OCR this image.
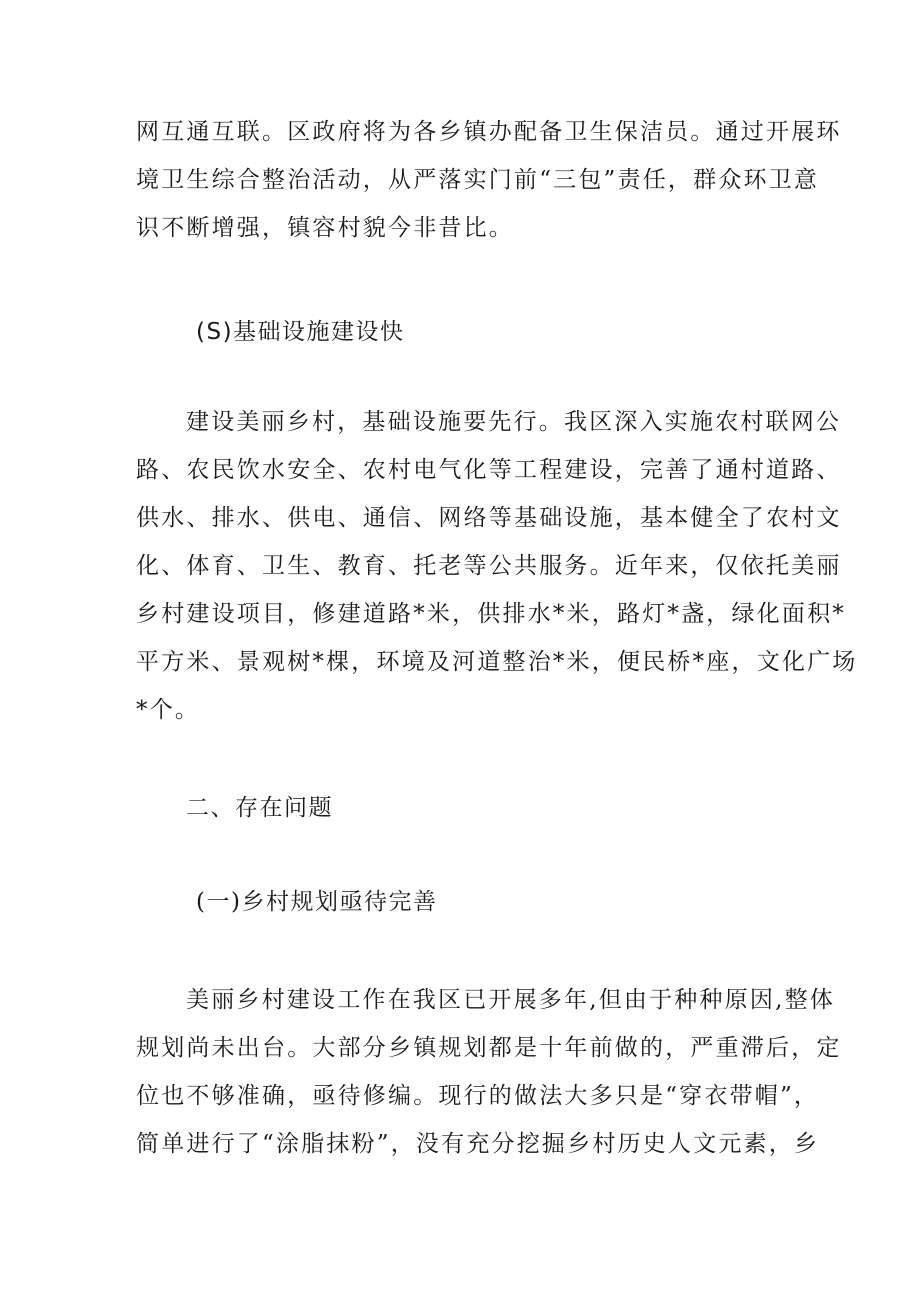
网互通互联。区政府将为各乡镇办配备卫生保洁员。通过开展环
境卫生综合整治活动，从严落实门前“三包”责任，群众环卫意
识不断增强，镇容村貌今非昔比。
(S)基础设施建设快
建设美丽乡村，基础设施要先行。我区深入实施农村联网公
路、农民饮水安全、农村电气化等工程建设，完善了通村道路、
供水、排水、供电、通信、网络等基础设施，基本健全了农村文
化、体育、卫生、教育、托老等公共服务。近年来，仅依托美丽
乡村建设项目，修建道路*米，供排水*米，路灯*盏，绿化面积*
平方米、景观树*棵，环境及河道整治*米，便民桥*座，文化广场
*个。
二、存在问题
(一)乡村规划亟待完善
美丽乡村建设工作在我区已开展多年,但由于种种原因,整体
规划尚未出台。大部分乡镇规划都是十年前做的，严重滞后，定
位也不够准确，亟待修编。现行的做法大多只是“穿衣带帽”，
简单进行了“涂脂抹粉”，没有充分挖掘乡村历史人文元素，乡
